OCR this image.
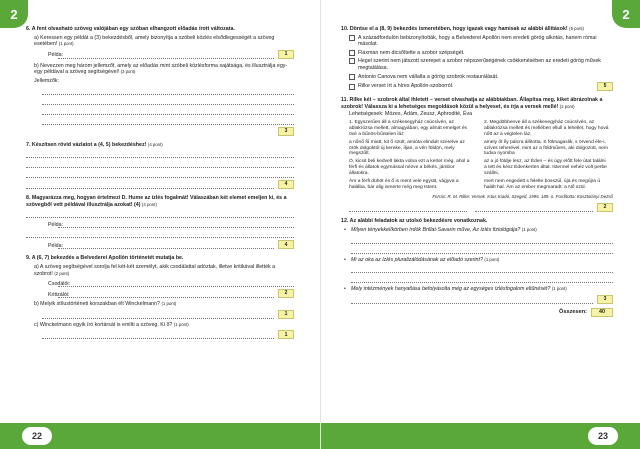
2
6. A fent olvasható szöveg valójában egy szóban elhangzott előadás írott változata.
a) Keressen egy példát a (3) bekezdésből, amely bizonyítja a szóbeli közlés elsődlegességét a szöveg esetében! (1 pont)
Példa:	1
b) Nevezzen meg három jellemzőt, amely az előadás mint szóbeli közlésforma sajátsága, és illusztrálja egy-egy példával a szöveg segítségével! (3 pont)
Jellemzők:
3
7. Készítsen rövid vázlatot a (4, 5) bekezdéshez! (4 pont)
4
8. Magyarázza meg, hogyan értelmezi D. Hume az ízlés fogalmát! Válaszában két elemet emeljen ki, és a szövegből vett példával illusztrálja azokat! (4) (4 pont)
Példa:
Példa:	4
9. A (6, 7) bekezdés a Belvederei Apollón történetét mutatja be.
a) A szöveg segítségével sorolja fel két-két személyt, akik csodálattal adóztak, illetve kritikával illették a szobrot! (2 pont)
Csodálói:
Kritizálói:	2
b) Melyik stílustörténeti korszakban élt Winckelmann? (1 pont)
1
c) Winckelmann egyik író kortársát is említi a szöveg. Ki ő? (1 pont)
1
22
2
10. Döntse el a (8, 9) bekezdés ismeretében, hogy igazak vagy hamisak az alábbi állítások! (5 pont)
A századfordulón bebizonyították, hogy a Belvederei Apollón nem eredeti görög alkotás, hanem római másolat.
Flaxman nem dicsőítette a szobor szépségét.
Hegel szerint nem játszott szerepet a szobor népszerűségének csökkenésében az eredeti görög művek megtalálása.
Antonio Canova nem vállalta a görög szobrok restaurálását.
Rilke verset írt a híres Apollón-szoborról.	5
11. Rilke két – szobrok által ihletett – verset olvashatja az alábbiakban. Állapítsa meg, kiket ábrázolnak a szobrok! Válassza ki a lehetséges megoldások közül a helyeset, és írja a versek mellé! (2 pont)
Lehetségesek: Mózes, Ádám, Zeusz, Aphrodité, Éva

1. Egyszerűen áll a székesegyház csúcsívén, az ablakrózsa mellett, almagyában, egy almát emelget és övé a bűnös-bűntelen láz

a nőnő fű miatt, kit ő szült, amióta elindult szerelve az örök dolgoktól új kereke, íljan, a vén földön, mely megszűlt.

Ó, kicsit beli kedvelt lakta volna ezt a kertet még, ahol a férfi és állatok egymással nézve a békés, jámbor állatokra.

Ám a férfi dühöt és ő is ment vele együtt, vágyva a halálba, bár alig ismerte még meg Istent.

2. Megdöbbenve áll a székesegyház csúcsívén, az ablakrózsa mellett és mellében ellull a lehellet, hogy hová nőtt az a végtelen láz,

amely őt íly pálcra állította. S fölmagaslik, s örvend éle-i, szíves teherével, mint az a földműves, aki dolgozott, nem tudva nyomba

az a jó földje lesz, az Éden – és úgy előtt fele útat találni a tett és kész Édenkerten által. Istennel nehéz volt perbe szállni,

mert nem engedett s felelte bosszúl, úja és megújra ú halált hal. Ám az ember megmaradt: a Nő szül.

Forrás: R. M. Rilke: Versek. Ictus Kiadó, Szeged, 1995. 189. o. Fordította: Kosztolányi Dezső
2
12. Az alábbi feladatok az utolsó bekezdésre vonatkoznak.
• Milyen tényekkel/körben írdók Brillat-Savarin műve, Az ízlés fiziológiája? (1 pont)
• Mi az oka az ízlés pluralizálódásának az előadó szerint? (1 pont)
• Mely intézmények hanyatlása befolyásolta még az egységes ízlésfogalom eltűnését? (1 pont)
3
Összesen:	40
23
